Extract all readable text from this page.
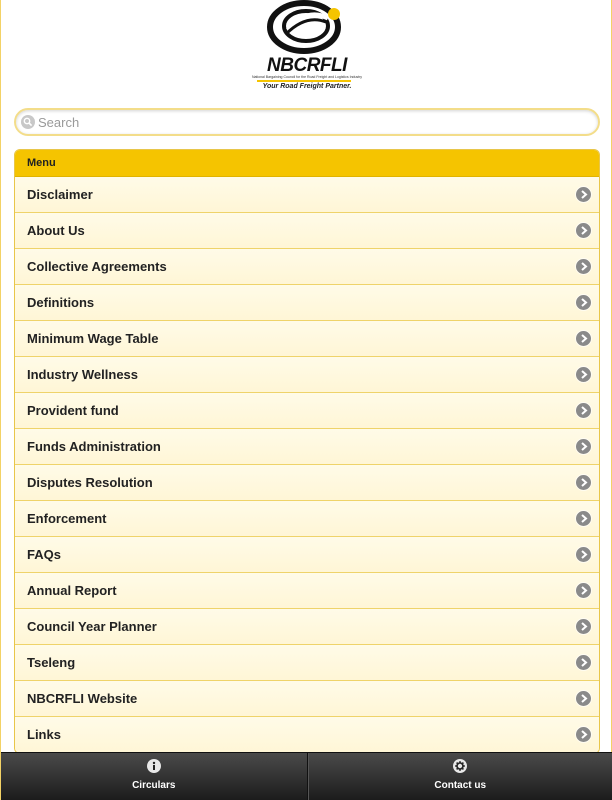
NBCRFLI
National Bargaining Council for the Road Freight and Logistics Industry
Your Road Freight Partner.
Search
Menu
Disclaimer
About Us
Collective Agreements
Definitions
Minimum Wage Table
Industry Wellness
Provident fund
Funds Administration
Disputes Resolution
Enforcement
FAQs
Annual Report
Council Year Planner
Tseleng
NBCRFLI Website
Links
Circulars	Contact us
